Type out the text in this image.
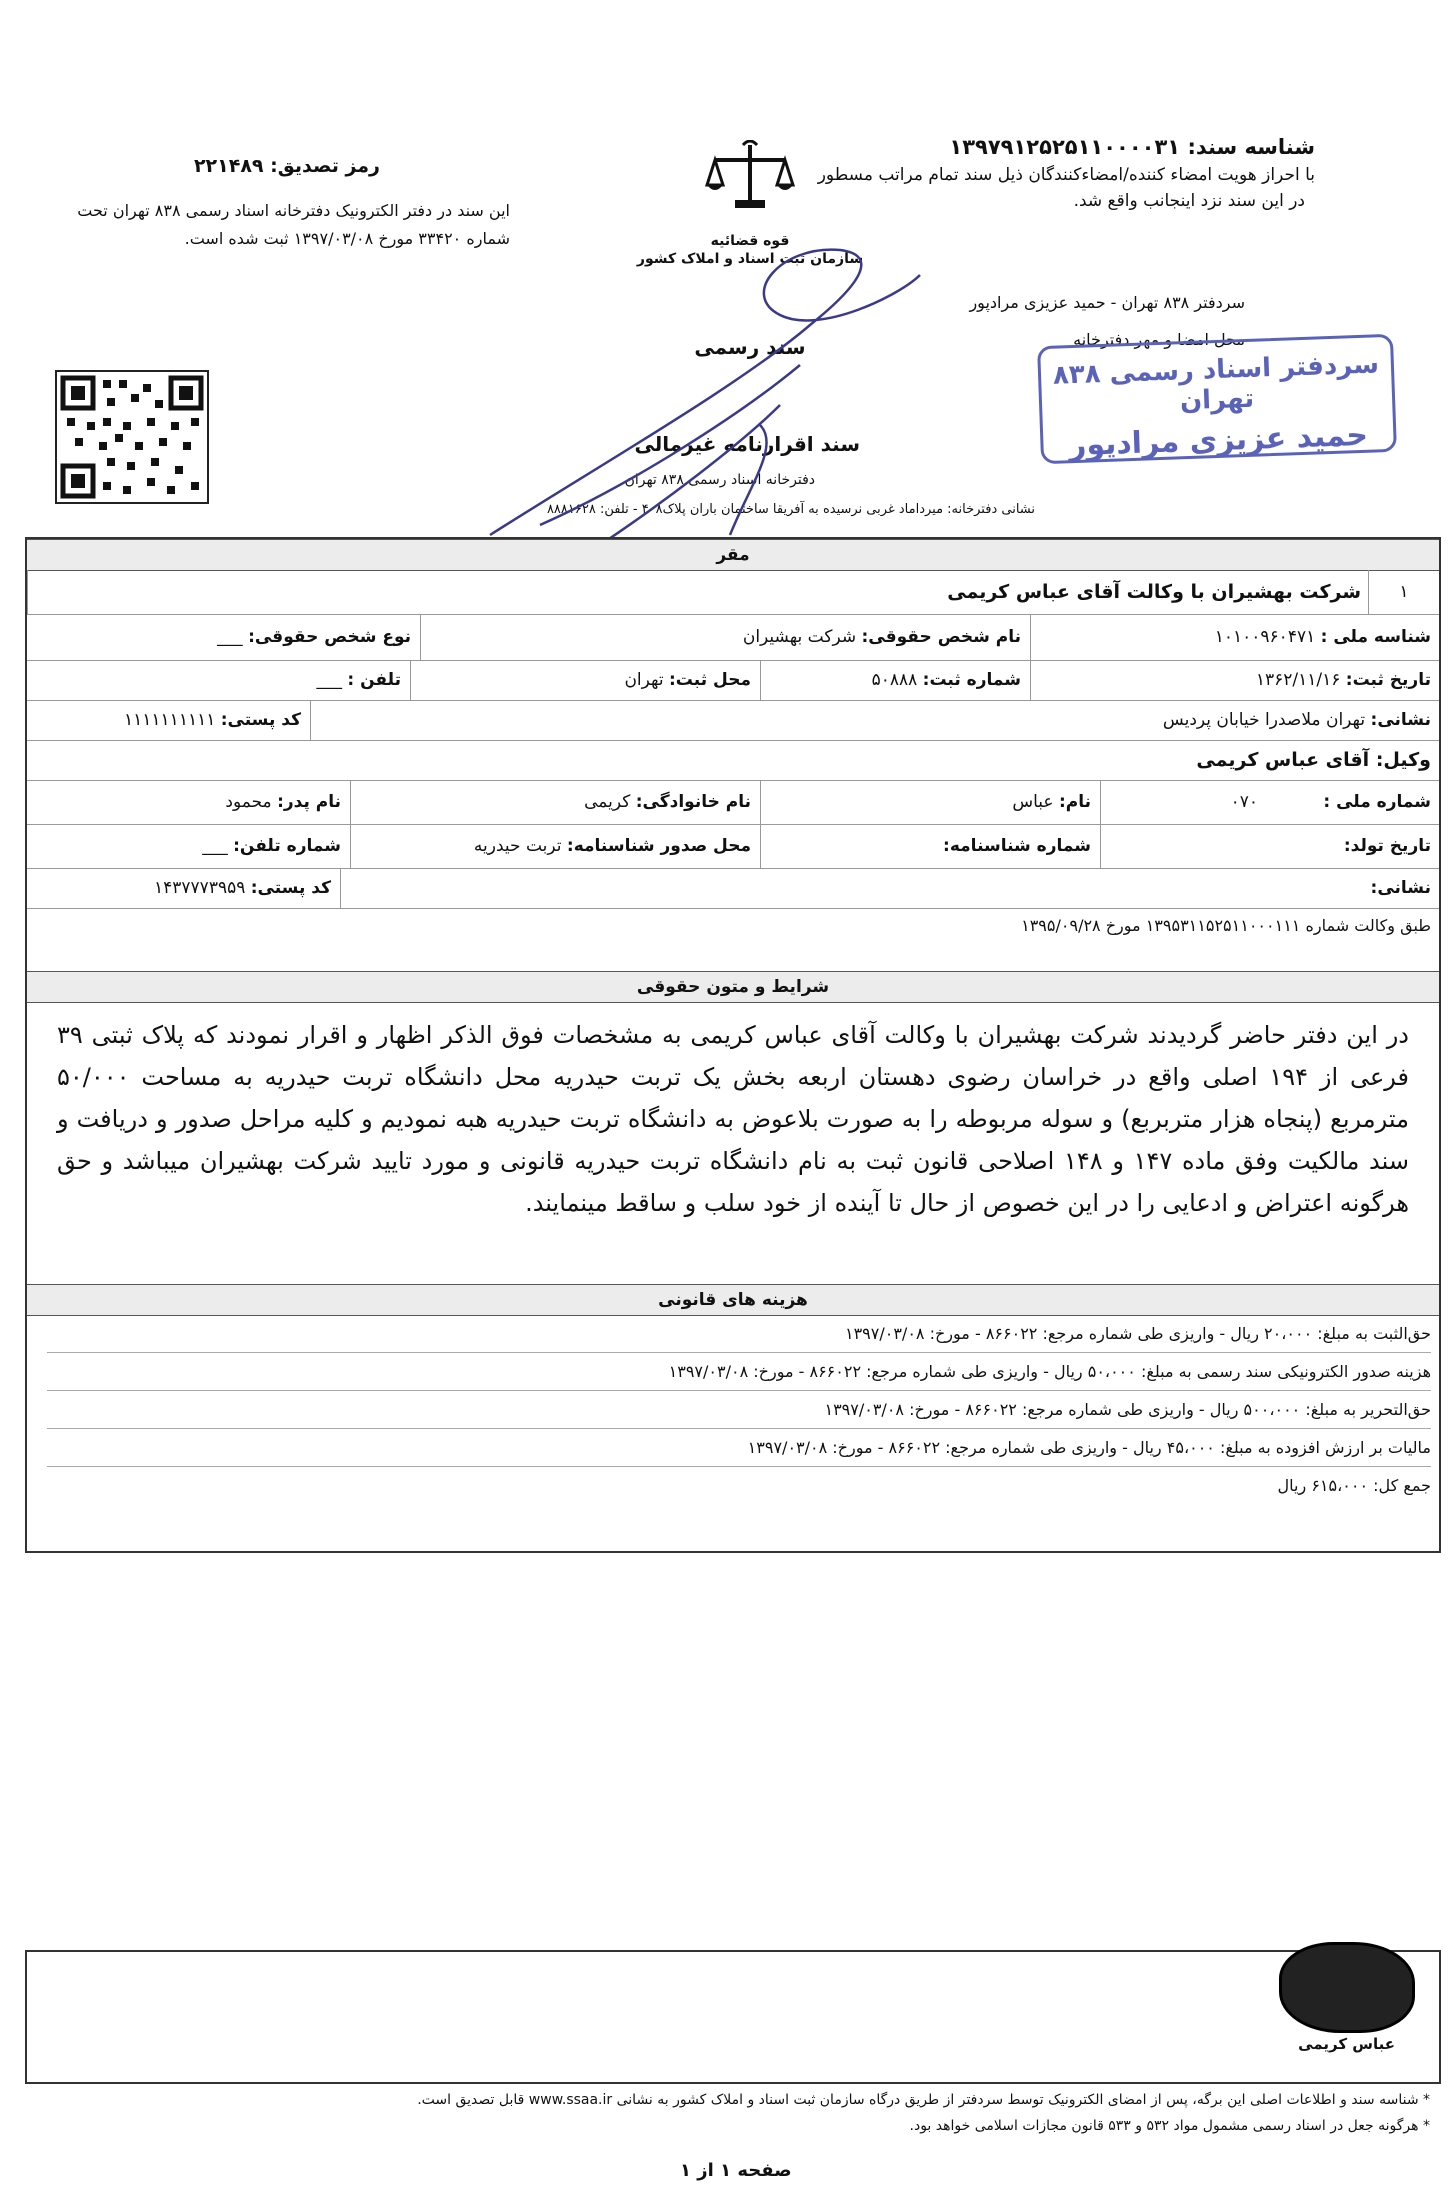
شناسه سند: ۱۳۹۷۹۱۲۵۲۵۱۱۰۰۰۰۳۱

با احراز هویت امضاء کننده/امضاءکنندگان ذیل سند تمام مراتب مسطور

در این سند نزد اینجانب واقع شد.

رمز تصدیق: ۲۲۱۴۸۹

این سند در دفتر الکترونیک دفترخانه اسناد رسمی ۸۳۸ تهران تحت

شماره ۳۳۴۲۰ مورخ ۱۳۹۷/۰۳/۰۸ ثبت شده است.	قوه قضائیه
سازمان ثبت اسناد و املاک کشور
سند رسمی
سند اقرارنامه غیرمالی
دفترخانه اسناد رسمی ۸۳۸ تهران
نشانی دفترخانه: میرداماد غربی نرسیده به آفریقا ساختمان باران پلاک۴۰۸ - تلفن: ۸۸۸۱۶۲۸
سردفتر ۸۳۸ تهران - حمید عزیزی مرادپور
محل امضا و مهر دفترخانه
سردفتر اسناد رسمی ۸۳۸ تهران
حمید عزیزی مرادپور
مقر
۱
شرکت بهشیران با وکالت آقای عباس کریمی
شناسه ملی : ۱۰۱۰۰۹۶۰۴۷۱
نام شخص حقوقی: شرکت بهشیران
نوع شخص حقوقی: ___
تاریخ ثبت: ۱۳۶۲/۱۱/۱۶
شماره ثبت: ۵۰۸۸۸
محل ثبت: تهران
تلفن : ___
نشانی: تهران ملاصدرا خیابان پردیس
کد پستی: ۱۱۱۱۱۱۱۱۱۱
وکیل: آقای عباس کریمی
شماره ملی : ۰۷۰
نام: عباس
نام خانوادگی: کریمی
نام پدر: محمود
تاریخ تولد:
شماره شناسنامه:
محل صدور شناسنامه: تربت حیدریه
شماره تلفن: ___
نشانی:
کد پستی: ۱۴۳۷۷۷۳۹۵۹
طبق وکالت شماره ۱۳۹۵۳۱۱۵۲۵۱۱۰۰۰۱۱۱ مورخ ۱۳۹۵/۰۹/۲۸
شرایط و متون حقوقی
در این دفتر حاضر گردیدند شرکت بهشیران با وکالت آقای عباس کریمی به مشخصات فوق الذکر اظهار و اقرار نمودند که پلاک ثبتی ۳۹ فرعی از ۱۹۴ اصلی واقع در خراسان رضوی دهستان اربعه بخش یک تربت حیدریه محل دانشگاه تربت حیدریه به مساحت ۵۰/۰۰۰ مترمربع (پنجاه هزار متربربع) و سوله مربوطه را به صورت بلاعوض به دانشگاه تربت حیدریه هبه نمودیم و کلیه مراحل صدور و دریافت و سند مالکیت وفق ماده ۱۴۷ و ۱۴۸ اصلاحی قانون ثبت به نام دانشگاه تربت حیدریه قانونی و مورد تایید شرکت بهشیران میباشد و حق هرگونه اعتراض و ادعایی را در این خصوص از حال تا آینده از خود سلب و ساقط مینمایند.
هزینه های قانونی
حق‌الثبت به مبلغ: ۲۰،۰۰۰ ریال - واریزی طی شماره مرجع: ۸۶۶۰۲۲ - مورخ: ۱۳۹۷/۰۳/۰۸
هزینه صدور الکترونیکی سند رسمی به مبلغ: ۵۰،۰۰۰ ریال - واریزی طی شماره مرجع: ۸۶۶۰۲۲ - مورخ: ۱۳۹۷/۰۳/۰۸
حق‌التحریر به مبلغ: ۵۰۰،۰۰۰ ریال - واریزی طی شماره مرجع: ۸۶۶۰۲۲ - مورخ: ۱۳۹۷/۰۳/۰۸
مالیات بر ارزش افزوده به مبلغ: ۴۵،۰۰۰ ریال - واریزی طی شماره مرجع: ۸۶۶۰۲۲ - مورخ: ۱۳۹۷/۰۳/۰۸
جمع کل: ۶۱۵،۰۰۰ ریال
عباس کریمی
* شناسه سند و اطلاعات اصلی این برگه، پس از امضای الکترونیک توسط سردفتر از طریق درگاه سازمان ثبت اسناد و املاک کشور به نشانی www.ssaa.ir قابل تصدیق است.
* هرگونه جعل در اسناد رسمی مشمول مواد ۵۳۲ و ۵۳۳ قانون مجازات اسلامی خواهد بود.
صفحه ۱ از ۱
